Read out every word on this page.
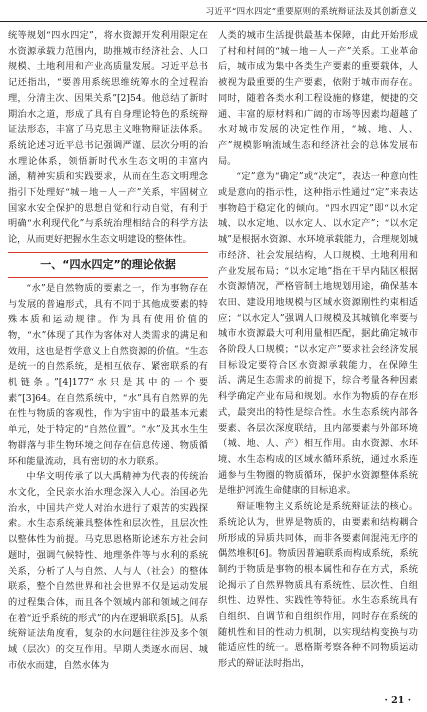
习近平“四水四定”重要原则的系统辩证法及其创新意义

统等规划“四水四定”，将水资源开发利用限定在水资源承载力范围内，助推城市经济社会、人口规模、土地利用和产业高质量发展。习近平总书记还指出，“要善用系统思维统筹水的全过程治理，分清主次、因果关系”[2]54。他总结了新时期治水之道，形成了具有自身理论特色的系统辩证法形态，丰富了马克思主义唯物辩证法体系。系统论述习近平总书记强调严谨、层次分明的治水理论体系，领悟新时代水生态文明的丰富内涵，精神实质和实践要求，从而在生态文明理念指引下处理好“城－地－人－产”关系，牢固树立国家水安全保护的思想自觉和行动自觉，有利于明确“水利现代化”与系统治理相结合的科学方法论，从而更好把握水生态文明建设的整体性。

一、“四水四定”的理论依据

“水”是自然物质的要素之一，作为事物存在与发展的普遍形式，具有不同于其他成要素的特殊本质和运动规律。作为具有使用价值的物，“水”体现了其作为客体对人类需求的满足和效用，这也是哲学意义上自然资源的价值。“生态是统一的自然系统，是相互依存、紧密联系的有机链条。”[4]177“水只是其中的一个要素”[3]64。在自然系统中，“水”具有自然界的先在性与物质的客观性，作为宇宙中的最基本元素单元，处于特定的“自然位置”。“水”及其水生生物群落与非生物环境之间存在信息传递、物质循环和能量流动，具有密切的水力联系。

中华文明传承了以大禹精神为代表的传统治水文化，全民亲水治水理念深入人心。治国必先治水，中国共产党人对治水进行了艰苦的实践探索。水生态系统兼具整体性和层次性，且层次性以整体性为前提。马克思恩格斯论述东方社会问题时，强调气候特性、地理条件等与水利的系统关系，分析了人与自然、人与人（社会）的整体联系，整个自然世界和社会世界不仅是运动发展的过程集合体，而且各个领域内部和领域之间存在着“近乎系统的形式”的内在逻辑联系[5]。从系统辩证法角度看，复杂的水问题往往涉及多个领域（层次）的交互作用。早期人类逐水而居、城市依水而建，自然水体为

人类的城市生活提供最基本保障，由此开始形成了村和村间的“城－地－人－产”关系。工业革命后，城市成为集中各类生产要素的重要载体，人被视为最重要的生产要素，依附于城市而存在。同时，随着各类水利工程设施的修建，便捷的交通、丰富的原材料和广阔的市场等因素均超越了水对城市发展的决定性作用，“城、地、人、产”规模影响流域生态和经济社会的总体发展布局。

“定”意为“确定”或“决定”，表达一种意向性或是意向的指示性，这种指示性通过“定”来表达事物趋于稳定化的倾向。“四水四定”即“以水定城、以水定地、以水定人、以水定产”；“以水定城”是根据水资源、水环境承载能力，合理规划城市经济、社会发展结构，人口规模、土地利用和产业发展布局；“以水定地”指在干旱内陆区根据水资源情况，严格管制土地规划用途，确保基本农田、建设用地规模与区域水资源刚性约束相适应；“以水定人”强调人口规模及其城镇化率要与城市水资源最大可利用量相匹配，据此确定城市各阶段人口规模；“以水定产”要求社会经济发展目标设定要符合区水资源承载能力，在保障生活、满足生态需求的前提下，综合考量各种因素科学确定产业布局和规划。水作为物质的存在形式，最突出的特性是综合性。水生态系统内部各要素、各层次深度联结，且内部要素与外部环境（城、地、人、产）相互作用。由水资源、水环境、水生态构成的区域水循环系统，通过水系连通参与生物圈的物质循环，保护水资源整体系统是维护河流生命健康的目标追求。

辩证唯物主义系统论是系统辩证法的核心。系统论认为，世界是物质的，由要素和结构耦合所形成的异质共同体，而非各要素间混沌无序的偶然堆积[6]。物质因普遍联系而构成系统，系统制约于物质是事物的根本属性和存在方式，系统论揭示了自然界物质具有系统性、层次性、自组织性、边界性、实践性等特征。水生态系统具有自组织、自调节和自组织作用，同时存在系统的随机性和目的性动力机制，以实现结构变换与功能适应性的统一。恩格斯考察各种不同物质运动形式的辩证法时指出，

· 21 ·
